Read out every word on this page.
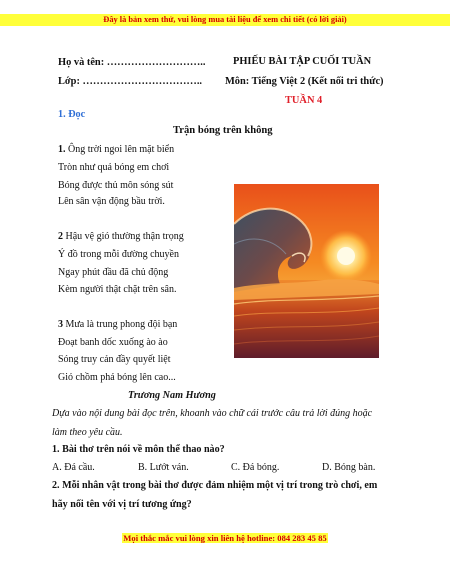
Đây là bản xem thử, vui lòng mua tài liệu để xem chi tiết (có lời giải)

Họ và tên: ………………………..

Lớp: ……………………………..

PHIẾU BÀI TẬP CUỐI TUẦN

Môn: Tiếng Việt 2 (Kết nối tri thức)

TUẦN 4

1. Đọc

Trận bóng trên không

1. Ông trời ngoi lên mặt biển

Tròn như quả bóng em chơi

Bóng được thủ môn sóng sút

Lên sân vận động bầu trời.

2 Hậu vệ gió thường thận trọng

Ý đồ trong mỗi đường chuyền

Ngay phút đầu đã chủ động

Kèm người thật chặt trên sân.

3 Mưa là trung phong đội bạn

Đoạt banh dốc xuống ào ào

Sóng truy cản đầy quyết liệt

Gió chồm phá bóng lên cao...

Trương Nam Hương

Dựa vào nội dung bài đọc trên, khoanh vào chữ cái trước câu trả lời đúng hoặc

làm theo yêu cầu.

1. Bài thơ trên nói về môn thể thao nào?

A. Đá cầu.	B. Lướt ván.	C. Đá bóng.	D. Bóng bàn.

2. Mỗi nhân vật trong bài thơ được đảm nhiệm một vị trí trong trò chơi, em

hãy nối tên với vị trí tương ứng?

Mọi thắc mắc vui lòng xin liên hệ hotline: 084 283 45 85
